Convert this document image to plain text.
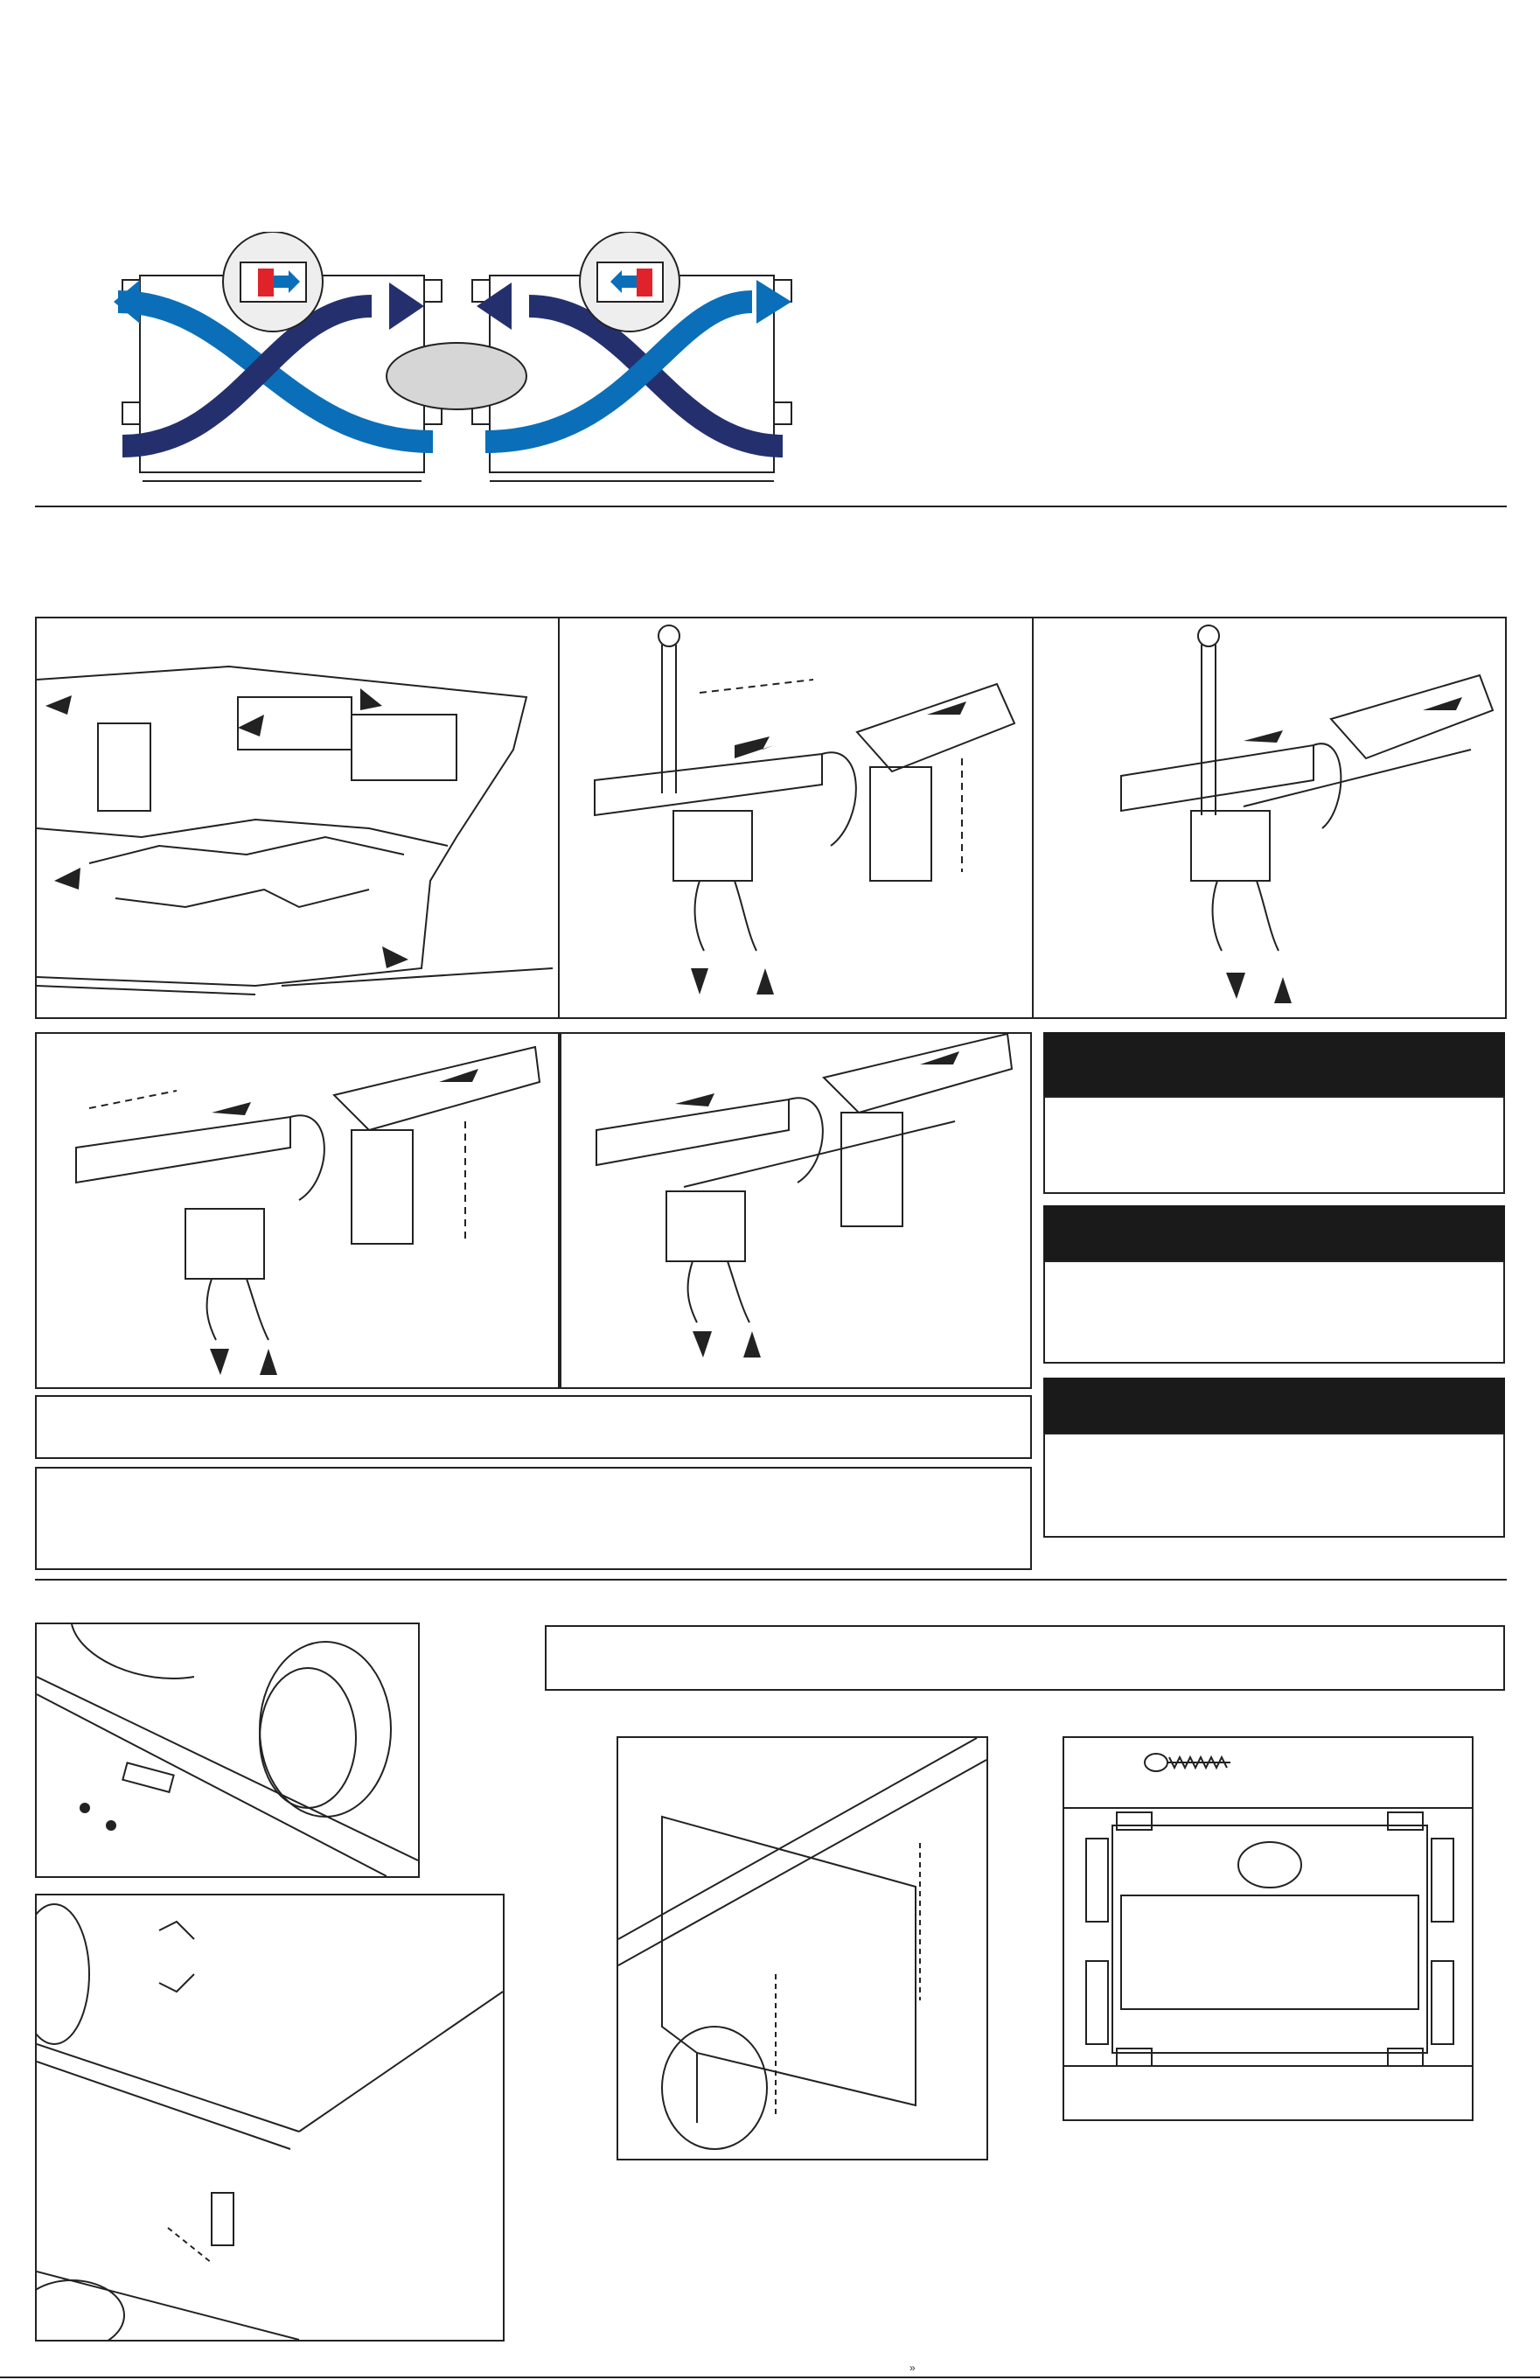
»
